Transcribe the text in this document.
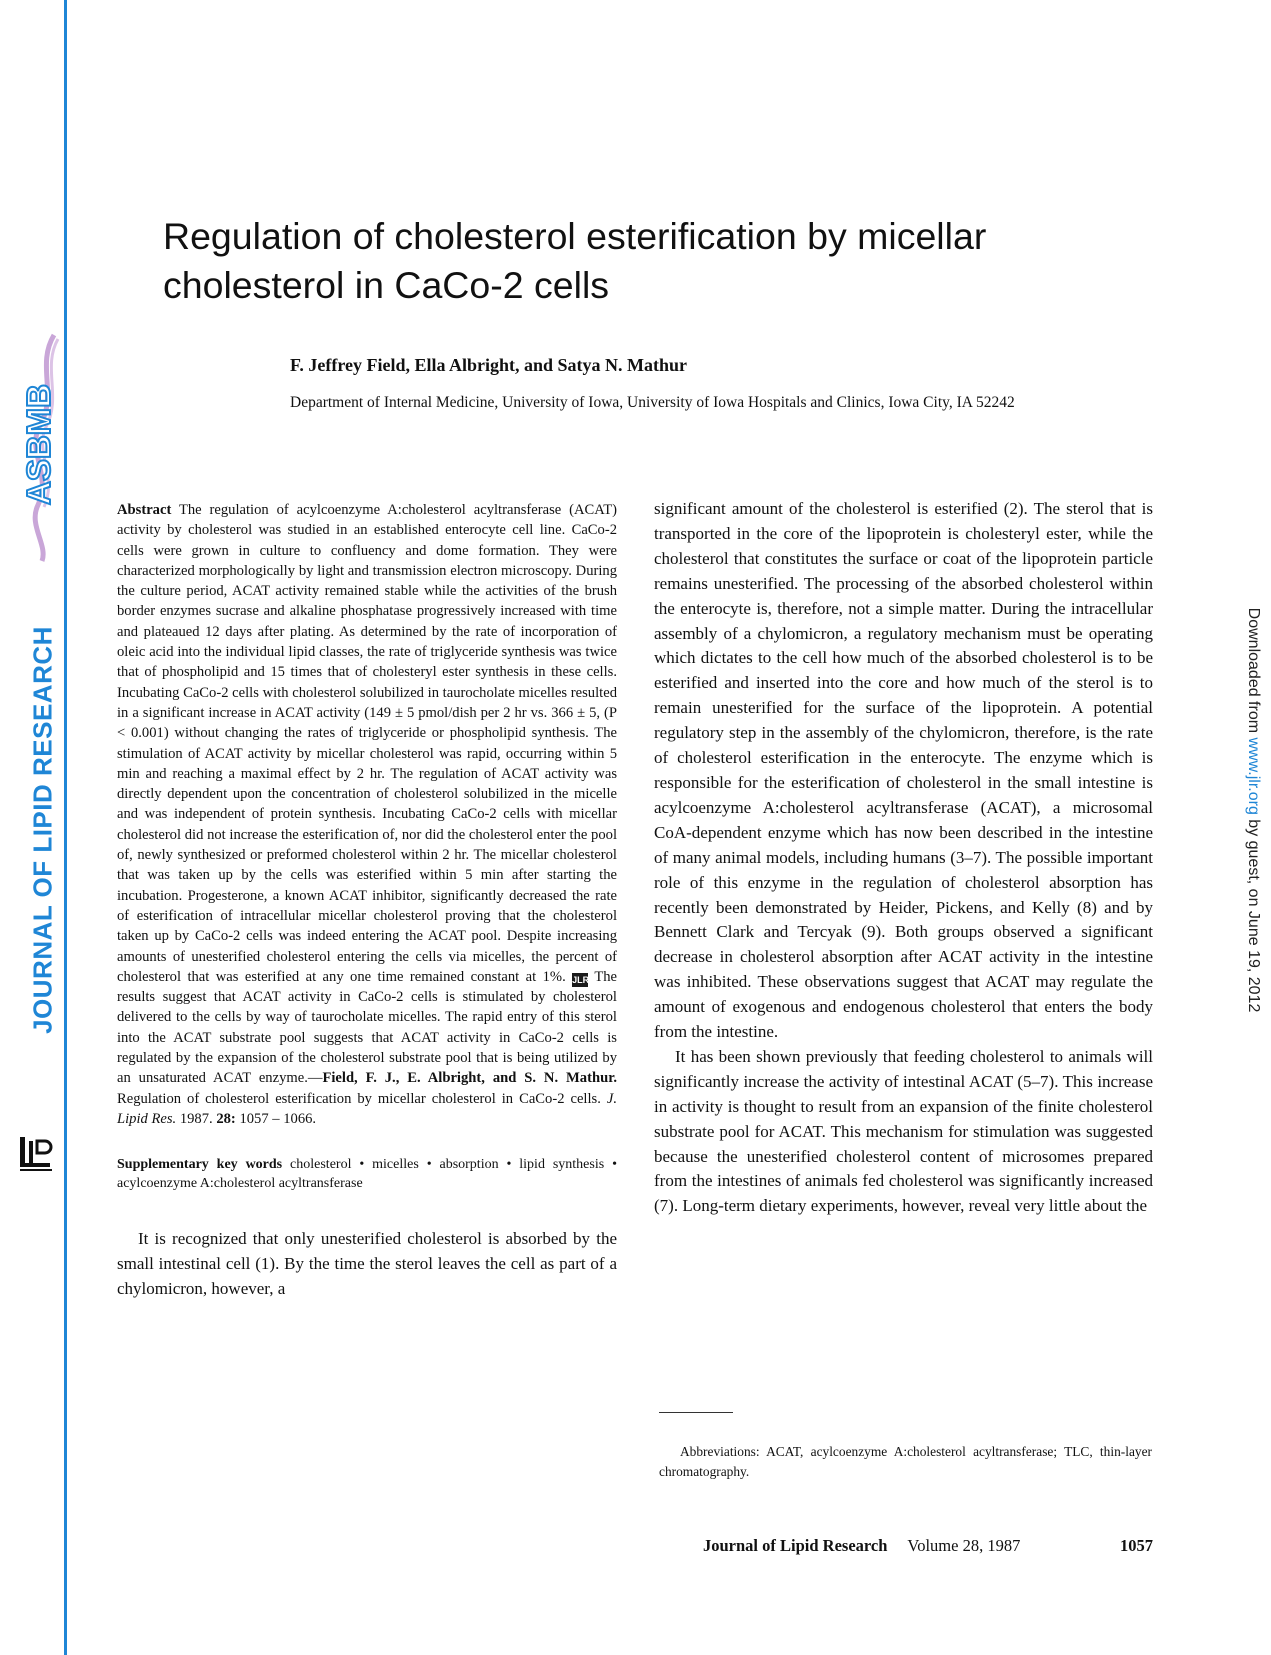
ASBMB
JOURNAL OF LIPID RESEARCH	Downloaded from www.jlr.org by guest, on June 19, 2012
Regulation of cholesterol esterification by micellar cholesterol in CaCo-2 cells
F. Jeffrey Field, Ella Albright, and Satya N. Mathur
Department of Internal Medicine, University of Iowa, University of Iowa Hospitals and Clinics, Iowa City, IA 52242

Abstract The regulation of acylcoenzyme A:cholesterol acyltransferase (ACAT) activity by cholesterol was studied in an established enterocyte cell line. CaCo-2 cells were grown in culture to confluency and dome formation. They were characterized morphologically by light and transmission electron microscopy. During the culture period, ACAT activity remained stable while the activities of the brush border enzymes sucrase and alkaline phosphatase progressively increased with time and plateaued 12 days after plating. As determined by the rate of incorporation of oleic acid into the individual lipid classes, the rate of triglyceride synthesis was twice that of phospholipid and 15 times that of cholesteryl ester synthesis in these cells. Incubating CaCo-2 cells with cholesterol solubilized in taurocholate micelles resulted in a significant increase in ACAT activity (149 ± 5 pmol/dish per 2 hr vs. 366 ± 5, (P < 0.001) without changing the rates of triglyceride or phospholipid synthesis. The stimulation of ACAT activity by micellar cholesterol was rapid, occurring within 5 min and reaching a maximal effect by 2 hr. The regulation of ACAT activity was directly dependent upon the concentration of cholesterol solubilized in the micelle and was independent of protein synthesis. Incubating CaCo-2 cells with micellar cholesterol did not increase the esterification of, nor did the cholesterol enter the pool of, newly synthesized or preformed cholesterol within 2 hr. The micellar cholesterol that was taken up by the cells was esterified within 5 min after starting the incubation. Progesterone, a known ACAT inhibitor, significantly decreased the rate of esterification of intracellular micellar cholesterol proving that the cholesterol taken up by CaCo-2 cells was indeed entering the ACAT pool. Despite increasing amounts of unesterified cholesterol entering the cells via micelles, the percent of cholesterol that was esterified at any one time remained constant at 1%. JLR The results suggest that ACAT activity in CaCo-2 cells is stimulated by cholesterol delivered to the cells by way of taurocholate micelles. The rapid entry of this sterol into the ACAT substrate pool suggests that ACAT activity in CaCo-2 cells is regulated by the expansion of the cholesterol substrate pool that is being utilized by an unsaturated ACAT enzyme.—Field, F. J., E. Albright, and S. N. Mathur. Regulation of cholesterol esterification by micellar cholesterol in CaCo-2 cells. J. Lipid Res. 1987. 28: 1057 – 1066.

Supplementary key words cholesterol • micelles • absorption • lipid synthesis • acylcoenzyme A:cholesterol acyltransferase

It is recognized that only unesterified cholesterol is absorbed by the small intestinal cell (1). By the time the sterol leaves the cell as part of a chylomicron, however, a

significant amount of the cholesterol is esterified (2). The sterol that is transported in the core of the lipoprotein is cholesteryl ester, while the cholesterol that constitutes the surface or coat of the lipoprotein particle remains unesterified. The processing of the absorbed cholesterol within the enterocyte is, therefore, not a simple matter. During the intracellular assembly of a chylomicron, a regulatory mechanism must be operating which dictates to the cell how much of the absorbed cholesterol is to be esterified and inserted into the core and how much of the sterol is to remain unesterified for the surface of the lipoprotein. A potential regulatory step in the assembly of the chylomicron, therefore, is the rate of cholesterol esterification in the enterocyte. The enzyme which is responsible for the esterification of cholesterol in the small intestine is acylcoenzyme A:cholesterol acyltransferase (ACAT), a microsomal CoA-dependent enzyme which has now been described in the intestine of many animal models, including humans (3–7). The possible important role of this enzyme in the regulation of cholesterol absorption has recently been demonstrated by Heider, Pickens, and Kelly (8) and by Bennett Clark and Tercyak (9). Both groups observed a significant decrease in cholesterol absorption after ACAT activity in the intestine was inhibited. These observations suggest that ACAT may regulate the amount of exogenous and endogenous cholesterol that enters the body from the intestine.

It has been shown previously that feeding cholesterol to animals will significantly increase the activity of intestinal ACAT (5–7). This increase in activity is thought to result from an expansion of the finite cholesterol substrate pool for ACAT. This mechanism for stimulation was suggested because the unesterified cholesterol content of microsomes prepared from the intestines of animals fed cholesterol was significantly increased (7). Long-term dietary experiments, however, reveal very little about the

Abbreviations: ACAT, acylcoenzyme A:cholesterol acyltransferase; TLC, thin-layer chromatography.

Journal of Lipid Research Volume 28, 1987	1057
